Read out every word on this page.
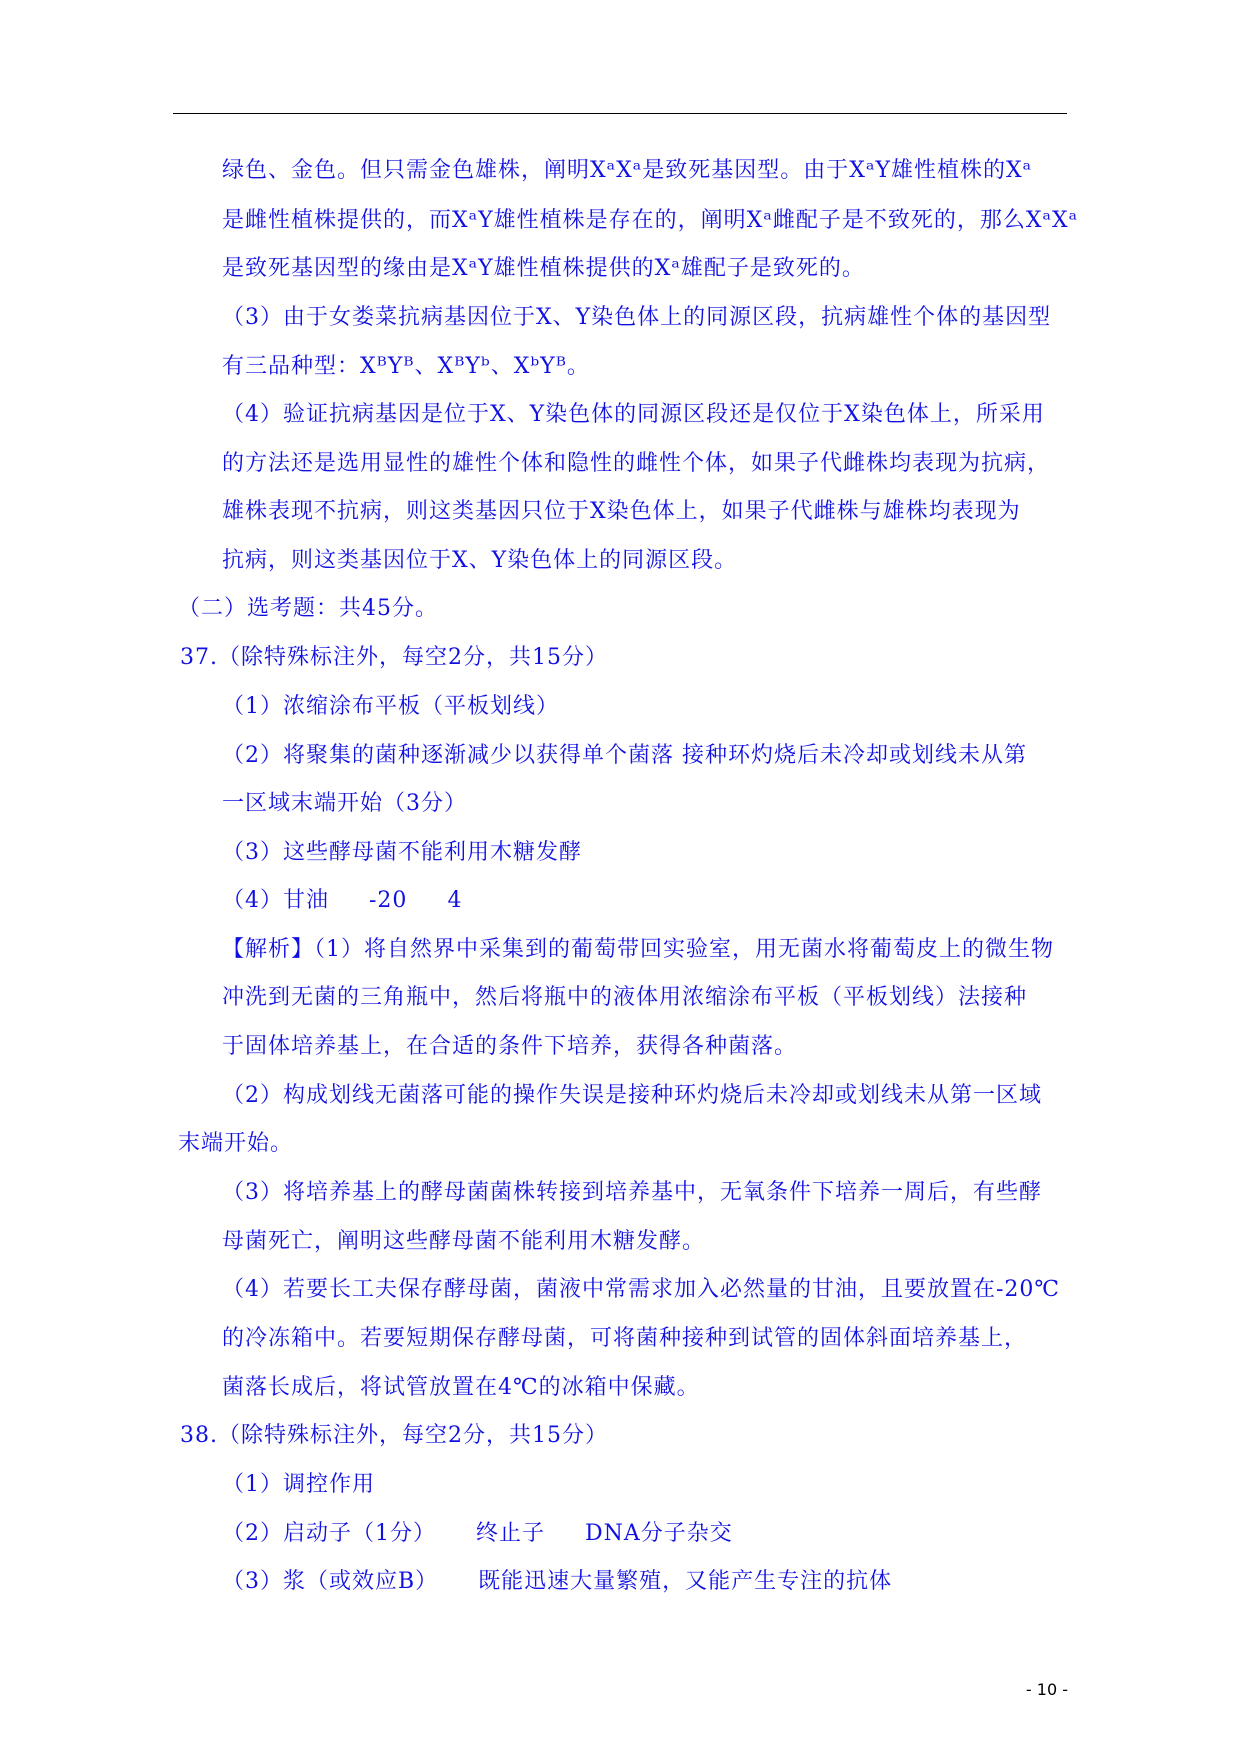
绿色、金色。但只需金色雄株，阐明XᵃXᵃ是致死基因型。由于XᵃY雄性植株的Xᵃ
是雌性植株提供的，而XᵃY雄性植株是存在的，阐明Xᵃ雌配子是不致死的，那么XᵃXᵃ
是致死基因型的缘由是XᵃY雄性植株提供的Xᵃ雄配子是致死的。
（3）由于女娄菜抗病基因位于X、Y染色体上的同源区段，抗病雄性个体的基因型
有三品种型：XᴮYᴮ、XᴮYᵇ、XᵇYᴮ。
（4）验证抗病基因是位于X、Y染色体的同源区段还是仅位于X染色体上，所采用
的方法还是选用显性的雄性个体和隐性的雌性个体，如果子代雌株均表现为抗病，
雄株表现不抗病，则这类基因只位于X染色体上，如果子代雌株与雄株均表现为
抗病，则这类基因位于X、Y染色体上的同源区段。
（二）选考题：共45分。
37.（除特殊标注外，每空2分，共15分）
（1）浓缩涂布平板（平板划线）
（2）将聚集的菌种逐渐减少以获得单个菌落 接种环灼烧后未冷却或划线未从第
一区域末端开始（3分）
（3）这些酵母菌不能利用木糖发酵
（4）甘油 -20 4
【解析】（1）将自然界中采集到的葡萄带回实验室，用无菌水将葡萄皮上的微生物
冲洗到无菌的三角瓶中，然后将瓶中的液体用浓缩涂布平板（平板划线）法接种
于固体培养基上，在合适的条件下培养，获得各种菌落。
（2）构成划线无菌落可能的操作失误是接种环灼烧后未冷却或划线未从第一区域
末端开始。
（3）将培养基上的酵母菌菌株转接到培养基中，无氧条件下培养一周后，有些酵
母菌死亡，阐明这些酵母菌不能利用木糖发酵。
（4）若要长工夫保存酵母菌，菌液中常需求加入必然量的甘油，且要放置在-20℃
的冷冻箱中。若要短期保存酵母菌，可将菌种接种到试管的固体斜面培养基上，
菌落长成后，将试管放置在4℃的冰箱中保藏。
38.（除特殊标注外，每空2分，共15分）
（1）调控作用
（2）启动子（1分） 终止子 DNA分子杂交
（3）浆（或效应B） 既能迅速大量繁殖，又能产生专注的抗体
- 10 -
